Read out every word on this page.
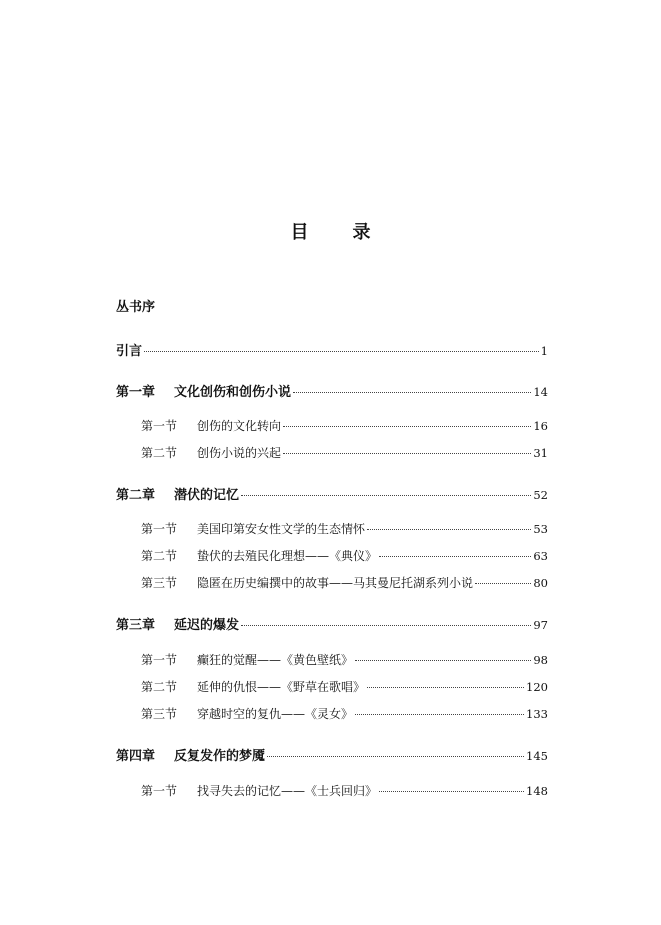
目 录
丛书序
引言	1
第一章	文化创伤和创伤小说	14
第一节	创伤的文化转向	16
第二节	创伤小说的兴起	31
第二章	潜伏的记忆	52
第一节	美国印第安女性文学的生态情怀	53
第二节	蛰伏的去殖民化理想——《典仪》	63
第三节	隐匿在历史编撰中的故事——马其曼尼托湖系列小说	80
第三章	延迟的爆发	97
第一节	癫狂的觉醒——《黄色壁纸》	98
第二节	延伸的仇恨——《野草在歌唱》	120
第三节	穿越时空的复仇——《灵女》	133
第四章	反复发作的梦魇	145
第一节	找寻失去的记忆——《士兵回归》	148
